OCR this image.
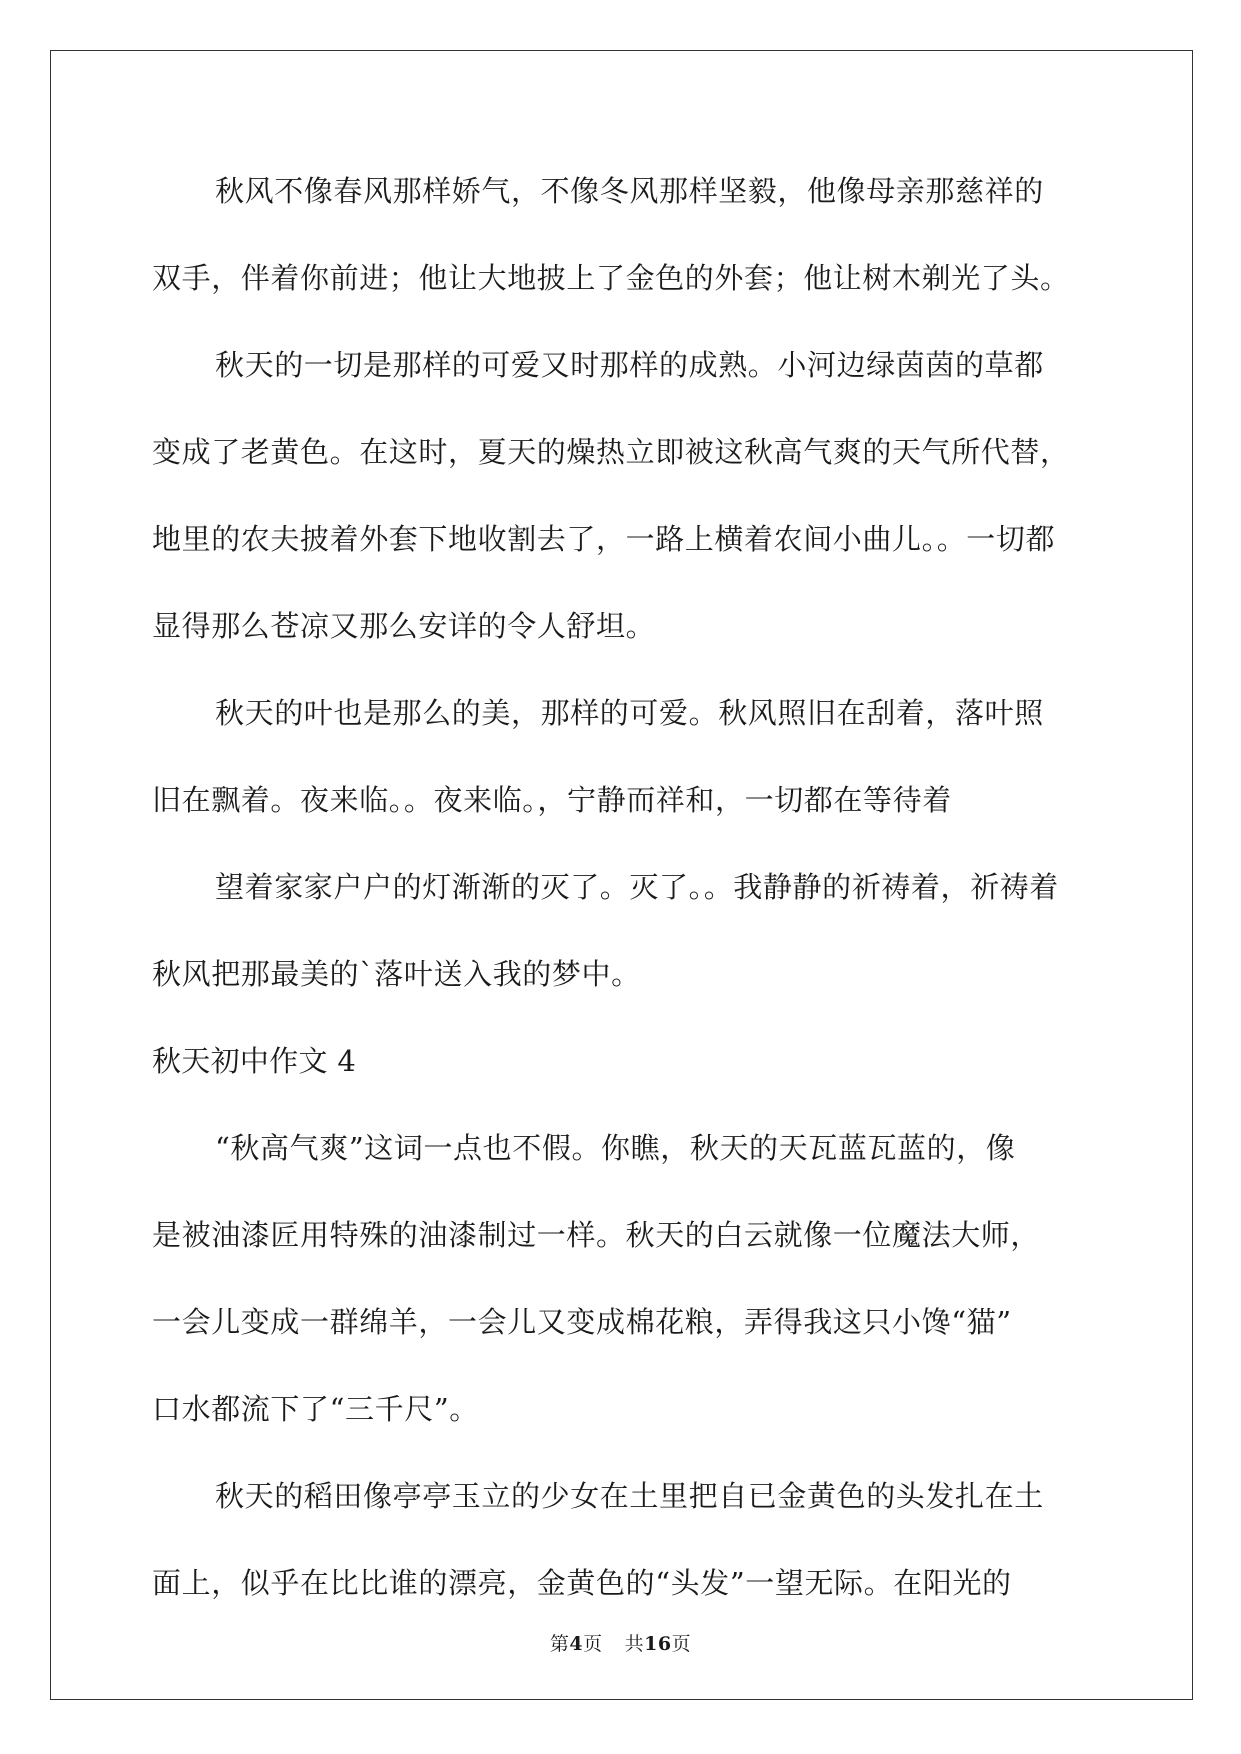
秋风不像春风那样娇气，不像冬风那样坚毅，他像母亲那慈祥的
双手，伴着你前进；他让大地披上了金色的外套；他让树木剃光了头。
秋天的一切是那样的可爱又时那样的成熟。小河边绿茵茵的草都
变成了老黄色。在这时，夏天的燥热立即被这秋高气爽的天气所代替，
地里的农夫披着外套下地收割去了，一路上横着农间小曲儿。。一切都
显得那么苍凉又那么安详的令人舒坦。
秋天的叶也是那么的美，那样的可爱。秋风照旧在刮着，落叶照
旧在飘着。夜来临。。夜来临。，宁静而祥和，一切都在等待着
望着家家户户的灯渐渐的灭了。灭了。。我静静的祈祷着，祈祷着
秋风把那最美的`落叶送入我的梦中。
秋天初中作文 4
“秋高气爽”这词一点也不假。你瞧，秋天的天瓦蓝瓦蓝的，像
是被油漆匠用特殊的油漆制过一样。秋天的白云就像一位魔法大师，
一会儿变成一群绵羊，一会儿又变成棉花粮，弄得我这只小馋“猫”
口水都流下了“三千尺”。
秋天的稻田像亭亭玉立的少女在土里把自已金黄色的头发扎在土
面上，似乎在比比谁的漂亮，金黄色的“头发”一望无际。在阳光的
第4页 共16页
